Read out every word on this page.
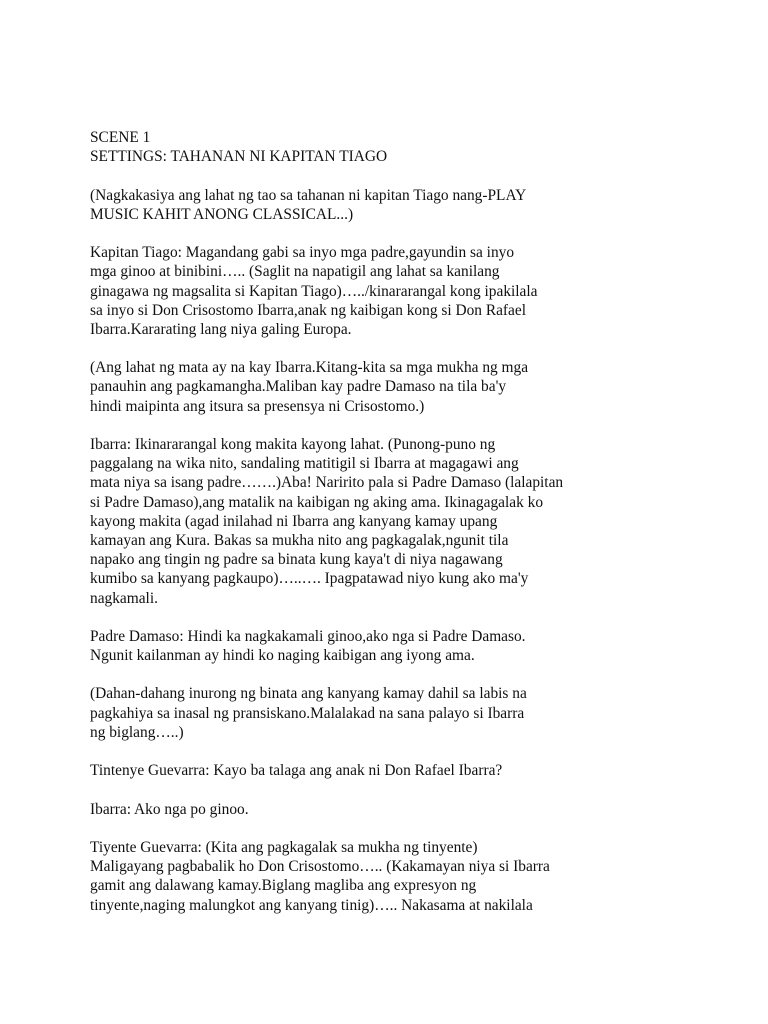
SCENE 1
SETTINGS: TAHANAN NI KAPITAN TIAGO
(Nagkakasiya ang lahat ng tao sa tahanan ni kapitan Tiago nang-PLAY
MUSIC KAHIT ANONG CLASSICAL...)
Kapitan Tiago: Magandang gabi sa inyo mga padre,gayundin sa inyo
mga ginoo at binibini….. (Saglit na napatigil ang lahat sa kanilang
ginagawa ng magsalita si Kapitan Tiago)…../kinararangal kong ipakilala
sa inyo si Don Crisostomo Ibarra,anak ng kaibigan kong si Don Rafael
Ibarra.Kararating lang niya galing Europa.
(Ang lahat ng mata ay na kay Ibarra.Kitang-kita sa mga mukha ng mga
panauhin ang pagkamangha.Maliban kay padre Damaso na tila ba'y
hindi maipinta ang itsura sa presensya ni Crisostomo.)
Ibarra: Ikinararangal kong makita kayong lahat. (Punong-puno ng
paggalang na wika nito, sandaling matitigil si Ibarra at magagawi ang
mata niya sa isang padre…….)Aba! Naririto pala si Padre Damaso (lalapitan
si Padre Damaso),ang matalik na kaibigan ng aking ama. Ikinagagalak ko
kayong makita (agad inilahad ni Ibarra ang kanyang kamay upang
kamayan ang Kura. Bakas sa mukha nito ang pagkagalak,ngunit tila
napako ang tingin ng padre sa binata kung kaya't di niya nagawang
kumibo sa kanyang pagkaupo)…..…. Ipagpatawad niyo kung ako ma'y
nagkamali.
Padre Damaso: Hindi ka nagkakamali ginoo,ako nga si Padre Damaso.
Ngunit kailanman ay hindi ko naging kaibigan ang iyong ama.
(Dahan-dahang inurong ng binata ang kanyang kamay dahil sa labis na
pagkahiya sa inasal ng pransiskano.Malalakad na sana palayo si Ibarra
ng biglang…..)
Tintenye Guevarra: Kayo ba talaga ang anak ni Don Rafael Ibarra?
Ibarra: Ako nga po ginoo.
Tiyente Guevarra: (Kita ang pagkagalak sa mukha ng tinyente)
Maligayang pagbabalik ho Don Crisostomo….. (Kakamayan niya si Ibarra
gamit ang dalawang kamay.Biglang magliba ang expresyon ng
tinyente,naging malungkot ang kanyang tinig)….. Nakasama at nakilala
